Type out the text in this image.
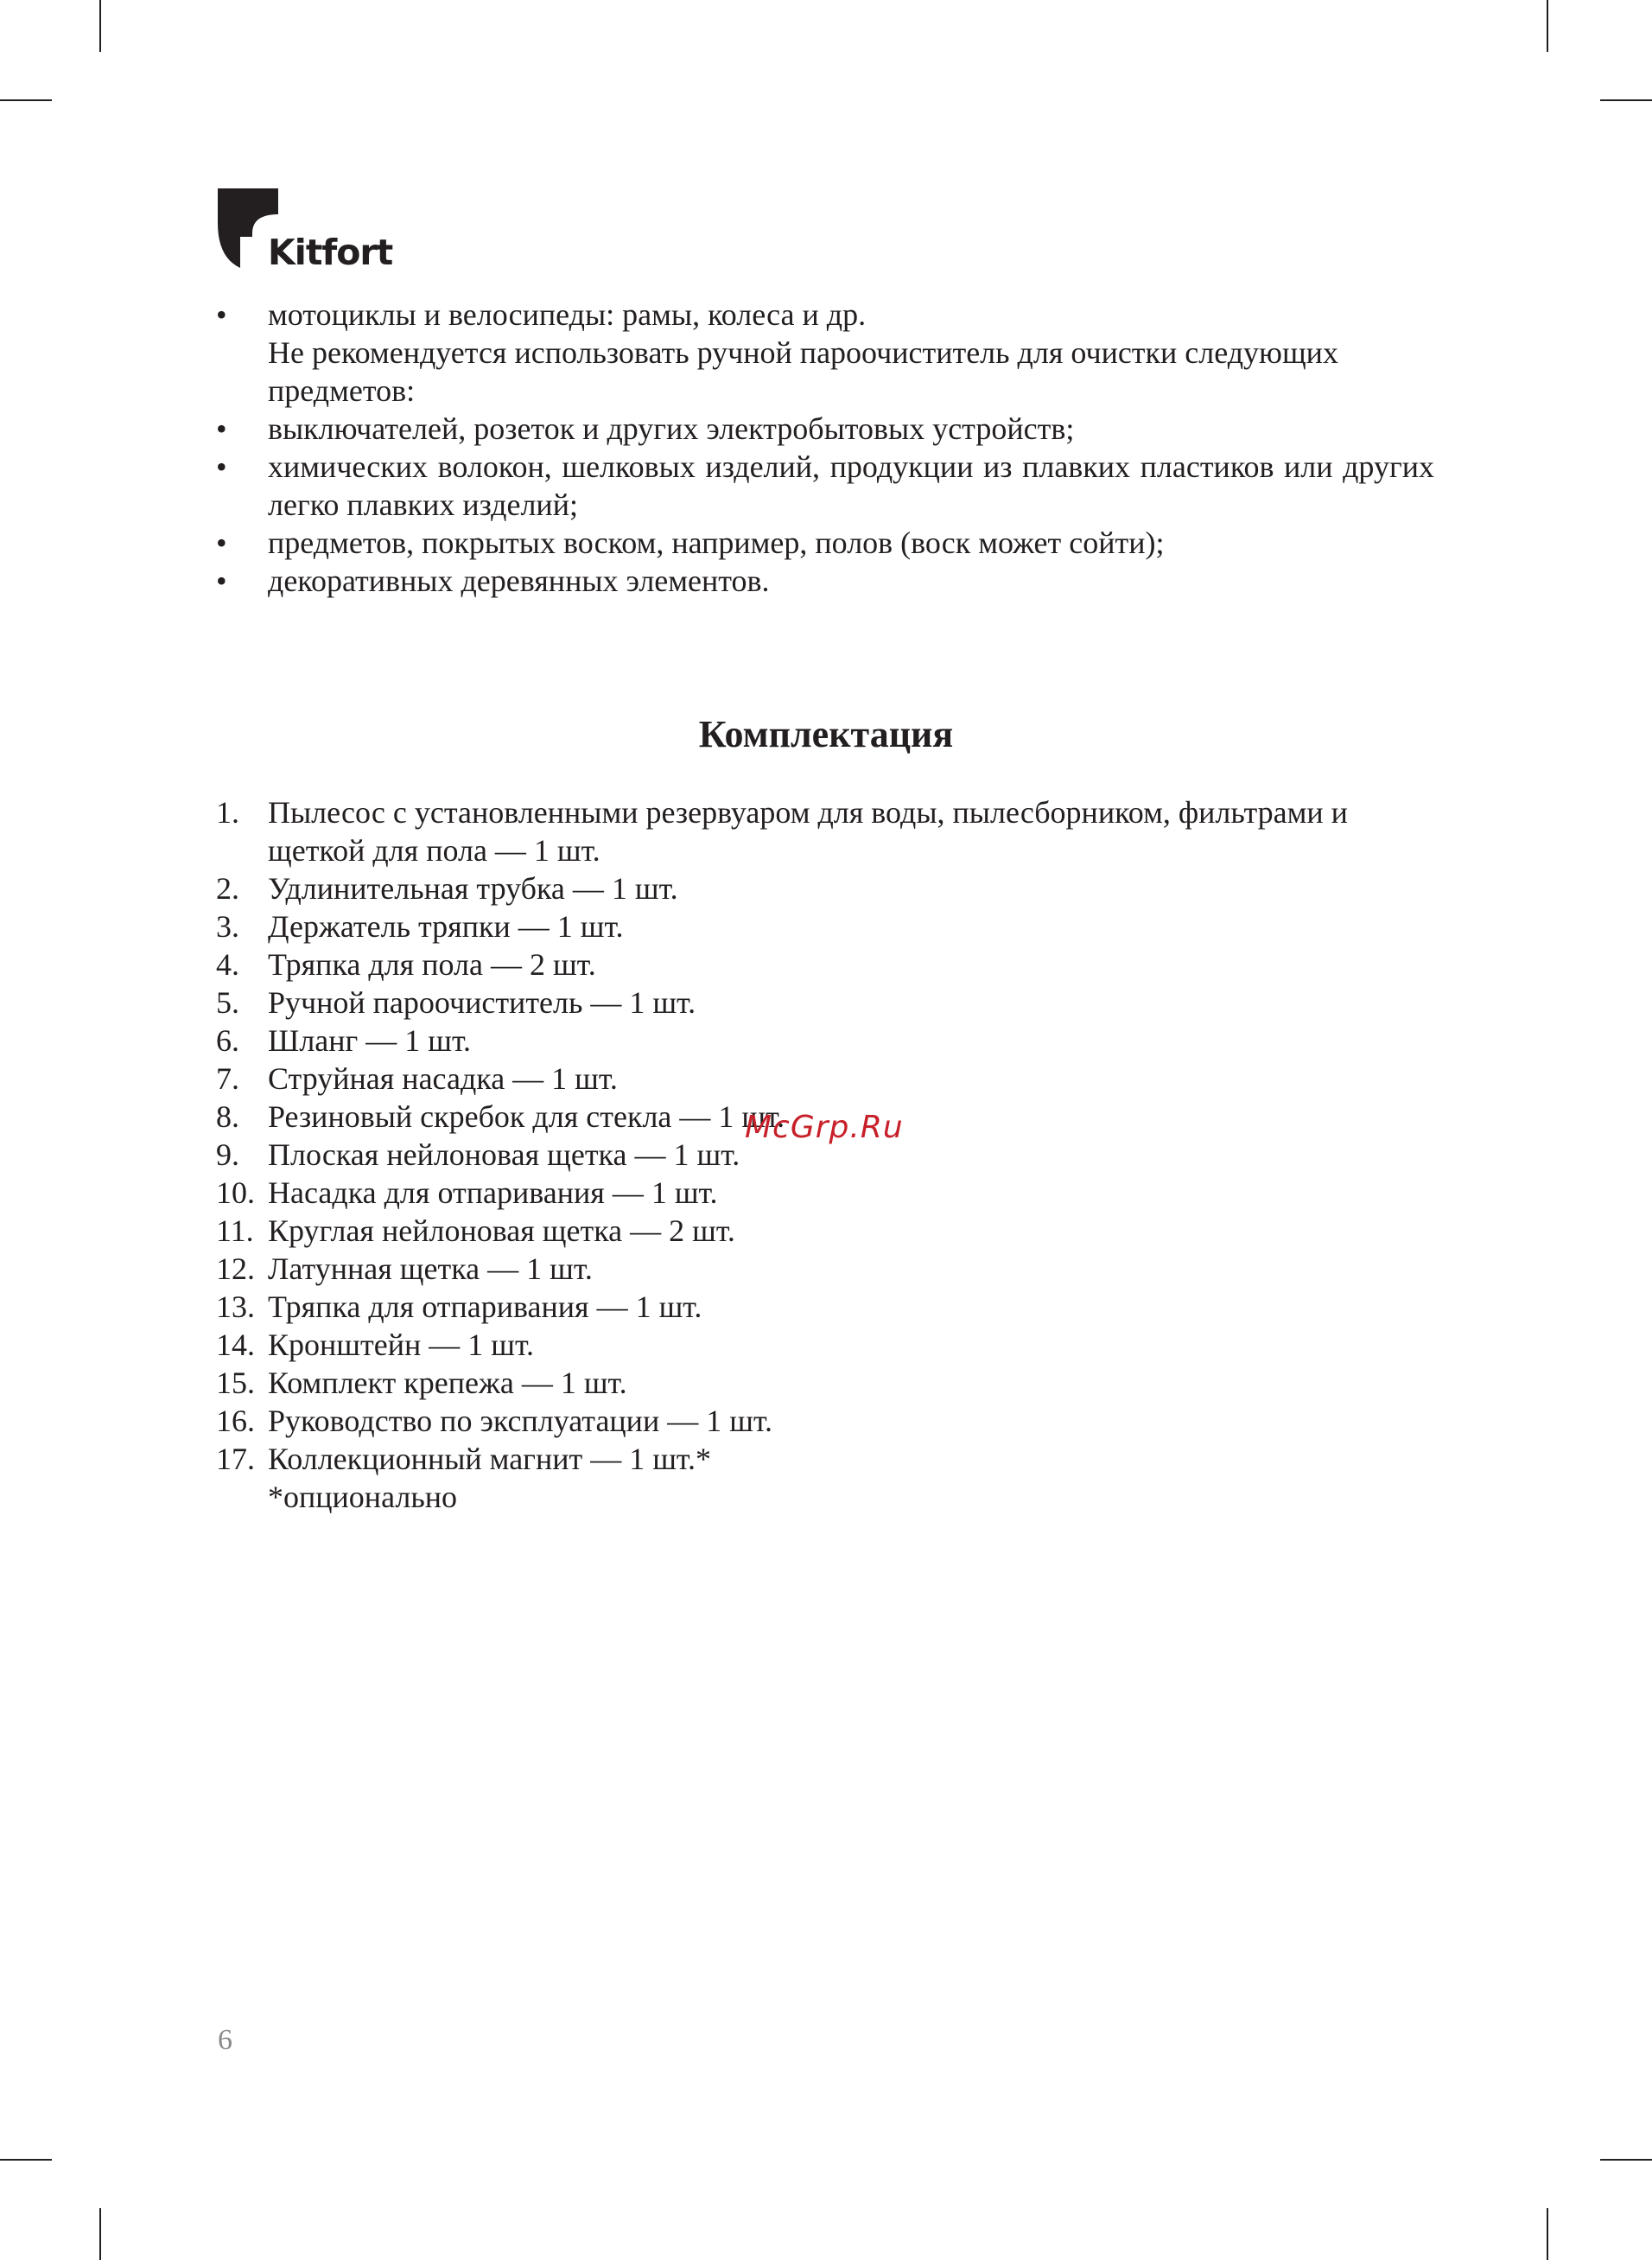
Kitfort
• мотоциклы и велосипеды: рамы, колеса и др.
Не рекомендуется использовать ручной пароочиститель для очистки следующих предметов:
• выключателей, розеток и других электробытовых устройств;
• химических волокон, шелковых изделий, продукции из плавких пластиков или других легко плавких изделий;
• предметов, покрытых воском, например, полов (воск может сойти);
• декоративных деревянных элементов.
Комплектация
1. Пылесос с установленными резервуаром для воды, пылесборником, фильтрами и щеткой для пола — 1 шт.
2. Удлинительная трубка — 1 шт.
3. Держатель тряпки — 1 шт.
4. Тряпка для пола — 2 шт.
5. Ручной пароочиститель — 1 шт.
6. Шланг — 1 шт.
7. Струйная насадка — 1 шт.
8. Резиновый скребок для стекла — 1 шт.
9. Плоская нейлоновая щетка — 1 шт.
10. Насадка для отпаривания — 1 шт.
11. Круглая нейлоновая щетка — 2 шт.
12. Латунная щетка — 1 шт.
13. Тряпка для отпаривания — 1 шт.
14. Кронштейн — 1 шт.
15. Комплект крепежа — 1 шт.
16. Руководство по эксплуатации — 1 шт.
17. Коллекционный магнит — 1 шт.*
*опционально
McGrp.Ru
6
